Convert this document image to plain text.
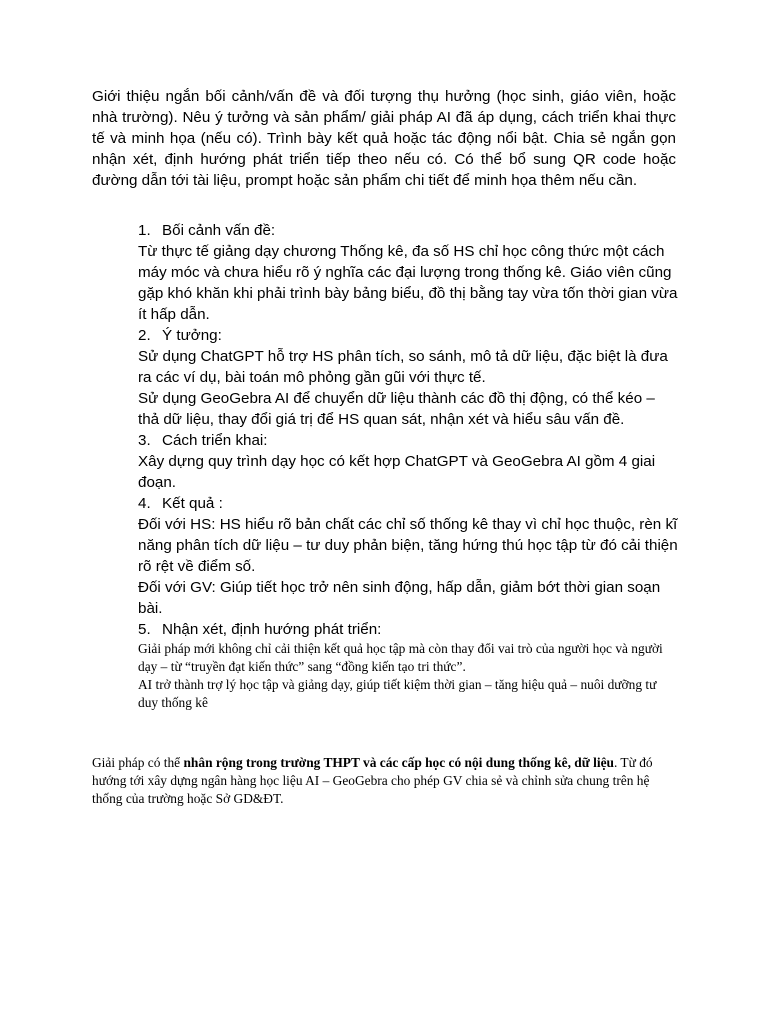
Giới thiệu ngắn bối cảnh/vấn đề và đối tượng thụ hưởng (học sinh, giáo viên, hoặc nhà trường). Nêu ý tưởng và sản phẩm/ giải pháp AI đã áp dụng, cách triển khai thực tế và minh họa (nếu có). Trình bày kết quả hoặc tác động nổi bật. Chia sẻ ngắn gọn nhận xét, định hướng phát triển tiếp theo nếu có. Có thể bổ sung QR code hoặc đường dẫn tới tài liệu, prompt hoặc sản phẩm chi tiết để minh họa thêm nếu cần.

1. Bối cảnh vấn đề:

Từ thực tế giảng dạy chương Thống kê, đa số HS chỉ học công thức một cách máy móc và chưa hiểu rõ ý nghĩa các đại lượng trong thống kê. Giáo viên cũng gặp khó khăn khi phải trình bày bảng biểu, đồ thị bằng tay vừa tốn thời gian vừa ít hấp dẫn.

2. Ý tưởng:

Sử dụng ChatGPT hỗ trợ HS phân tích, so sánh, mô tả dữ liệu, đặc biệt là đưa ra các ví dụ, bài toán mô phỏng gần gũi với thực tế.

Sử dụng GeoGebra AI để chuyển dữ liệu thành các đồ thị động, có thể kéo – thả dữ liệu, thay đổi giá trị để HS quan sát, nhận xét và hiểu sâu vấn đề.

3. Cách triển khai:

Xây dựng quy trình dạy học có kết hợp ChatGPT và GeoGebra AI gồm 4 giai đoạn.

4. Kết quả :

Đối với HS: HS hiểu rõ bản chất các chỉ số thống kê thay vì chỉ học thuộc, rèn kĩ năng phân tích dữ liệu – tư duy phản biện, tăng hứng thú học tập từ đó cải thiện rõ rệt về điểm số.

Đối với GV: Giúp tiết học trở nên sinh động, hấp dẫn, giảm bớt thời gian soạn bài.

5. Nhận xét, định hướng phát triển:

Giải pháp mới không chỉ cải thiện kết quả học tập mà còn thay đổi vai trò của người học và người dạy – từ “truyền đạt kiến thức” sang “đồng kiến tạo tri thức”.

AI trở thành trợ lý học tập và giảng dạy, giúp tiết kiệm thời gian – tăng hiệu quả – nuôi dưỡng tư duy thống kê

Giải pháp có thể nhân rộng trong trường THPT và các cấp học có nội dung thống kê, dữ liệu. Từ đó hướng tới xây dựng ngân hàng học liệu AI – GeoGebra cho phép GV chia sẻ và chỉnh sửa chung trên hệ thống của trường hoặc Sở GD&ĐT.
